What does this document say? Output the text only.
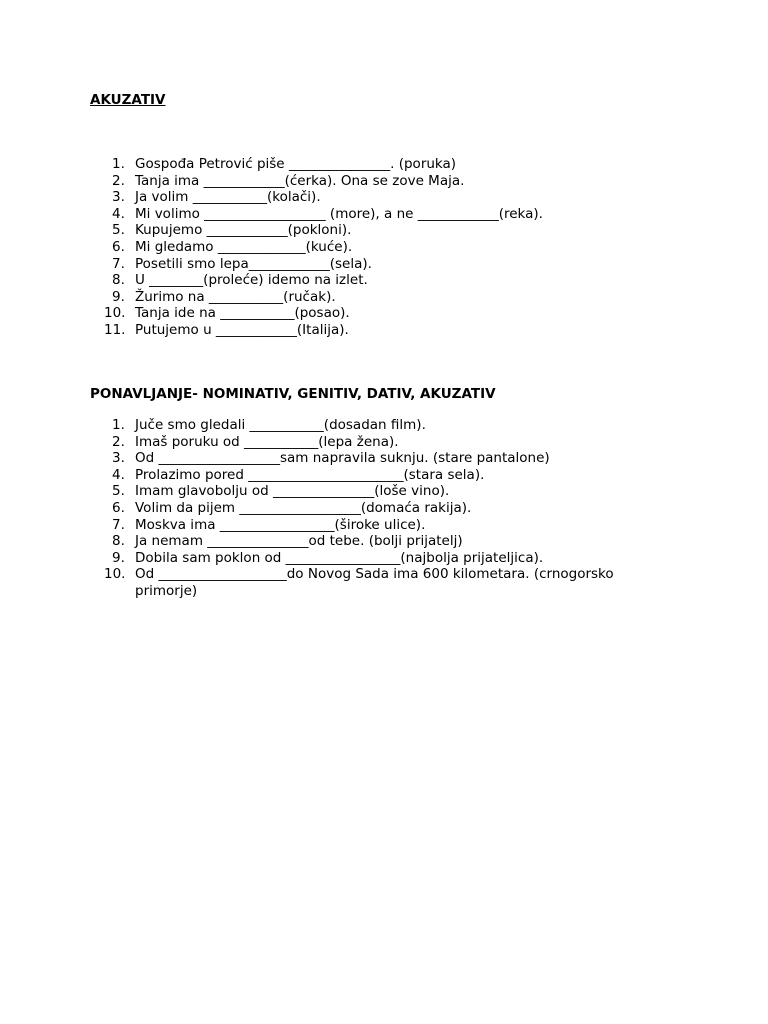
AKUZATIV
1. Gospođa Petrović piše _______________. (poruka)
2. Tanja ima ____________(ćerka). Ona se zove Maja.
3. Ja volim ___________(kolači).
4. Mi volimo __________________ (more), a ne ____________(reka).
5. Kupujemo ____________(pokloni).
6. Mi gledamo _____________(kuće).
7. Posetili smo lepa____________(sela).
8. U ________(proleće) idemo na izlet.
9. Žurimo na ___________(ručak).
10. Tanja ide na ___________(posao).
11. Putujemo u ____________(Italija).
PONAVLJANJE- NOMINATIV, GENITIV, DATIV, AKUZATIV
1. Juče smo gledali ___________(dosadan film).
2. Imaš poruku od ___________(lepa žena).
3. Od __________________sam napravila suknju. (stare pantalone)
4. Prolazimo pored _______________________(stara sela).
5. Imam glavobolju od _______________(loše vino).
6. Volim da pijem __________________(domaća rakija).
7. Moskva ima _________________(široke ulice).
8. Ja nemam _______________od tebe. (bolji prijatelj)
9. Dobila sam poklon od _________________(najbolja prijateljica).
10. Od ___________________do Novog Sada ima 600 kilometara. (crnogorsko primorje)
